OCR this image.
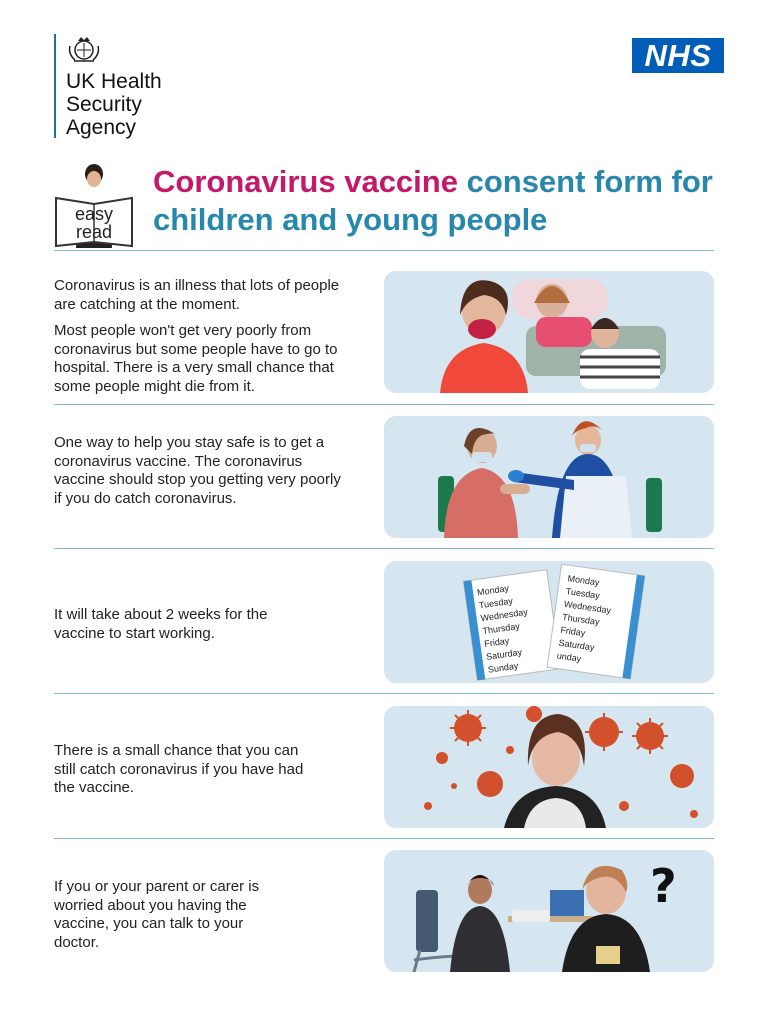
UK Health
Security
Agency
NHS
easy
read
Coronavirus vaccine consent form for children and young people

Coronavirus is an illness that lots of people are catching at the moment.

Most people won't get very poorly from coronavirus but some people have to go to hospital. There is a very small chance that some people might die from it.

One way to help you stay safe is to get a coronavirus vaccine. The coronavirus vaccine should stop you getting very poorly if you do catch coronavirus.

It will take about 2 weeks for the vaccine to start working.

Monday
Tuesday
Wednesday
Thursday
Friday
Saturday
Sunday
Monday
Tuesday
Wednesday
Thursday
Friday
Saturday
unday

There is a small chance that you can still catch coronavirus if you have had the vaccine.

If you or your parent or carer is worried about you having the vaccine, you can talk to your doctor.

?
